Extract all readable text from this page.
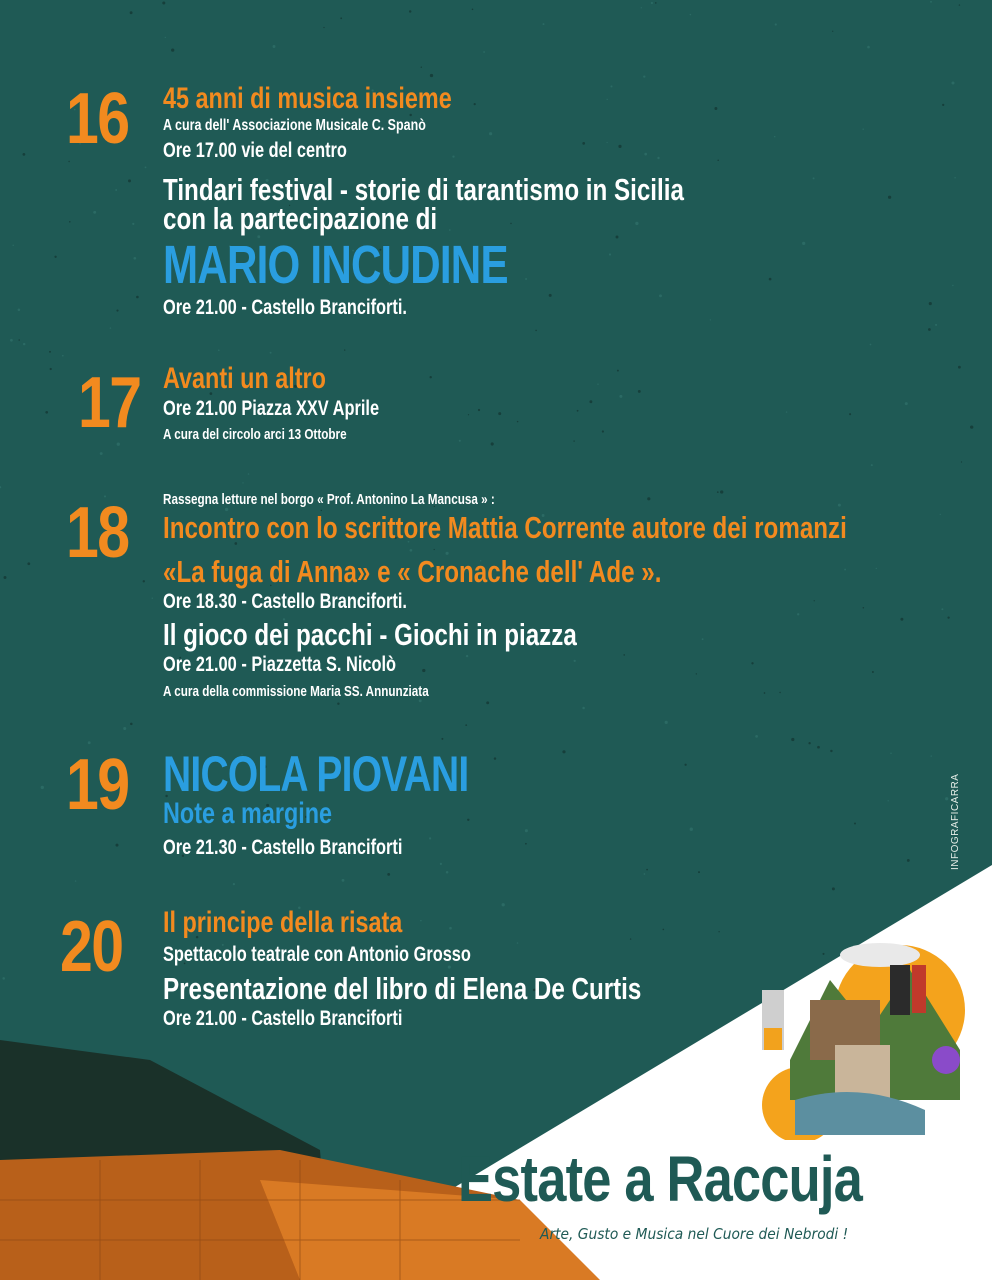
16 45 anni di musica insieme
A cura dell' Associazione Musicale C. Spanò
Ore 17.00 vie del centro
Tindari festival - storie di tarantismo in Sicilia
con la partecipazione di
MARIO INCUDINE
Ore 21.00 - Castello Branciforti.
17 Avanti un altro
Ore 21.00 Piazza XXV Aprile
A cura del circolo arci 13 Ottobre
Rassegna letture nel borgo « Prof. Antonino La Mancusa » :
18 Incontro con lo scrittore Mattia Corrente autore dei romanzi
«La fuga di Anna» e « Cronache dell' Ade ».
Ore 18.30 - Castello Branciforti.
Il gioco dei pacchi - Giochi in piazza
Ore 21.00 - Piazzetta S. Nicolò
A cura della commissione Maria SS. Annunziata
19 NICOLA PIOVANI
Note a margine
Ore 21.30 - Castello Branciforti
20 Il principe della risata
Spettacolo teatrale con Antonio Grosso
Presentazione del libro di Elena De Curtis
Ore 21.00 - Castello Branciforti
INFOGRAFICARRA
Estate a Raccuja
Arte, Gusto e Musica nel Cuore dei Nebrodi !
